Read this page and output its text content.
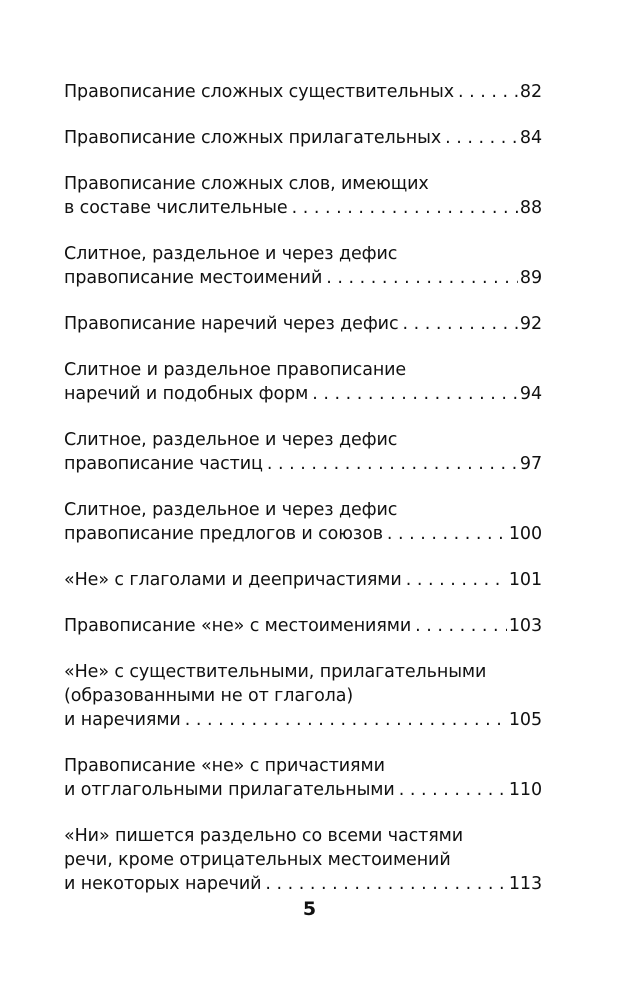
Правописание сложных существительных . . .	82
Правописание сложных прилагательных . . .	84
Правописание сложных слов, имеющих
в составе числительные . . .	88
Слитное, раздельное и через дефис
правописание местоимений . . .	89
Правописание наречий через дефис . . .	92
Слитное и раздельное правописание
наречий и подобных форм . . .	94
Слитное, раздельное и через дефис
правописание частиц . . .	97
Слитное, раздельное и через дефис
правописание предлогов и союзов . . .	100
«Не» с глаголами и деепричастиями . . .	101
Правописание «не» с местоимениями . . .	103
«Не» с существительными, прилагательными
(образованными не от глагола)
и наречиями . . .	105
Правописание «не» с причастиями
и отглагольными прилагательными . . .	110
«Ни» пишется раздельно со всеми частями
речи, кроме отрицательных местоимений
и некоторых наречий . . .	113
5
